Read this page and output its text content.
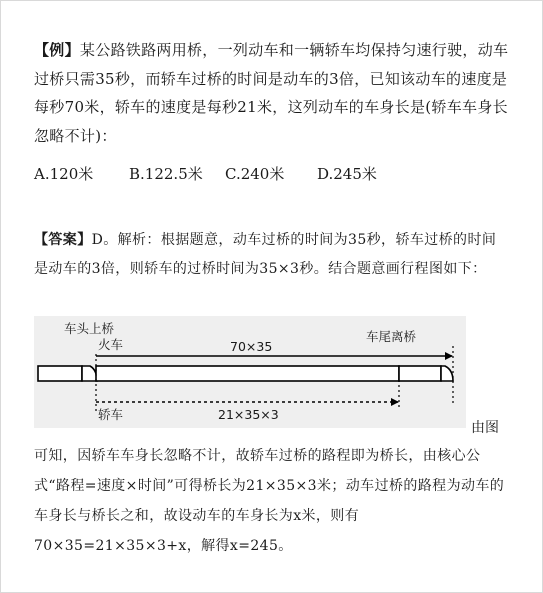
【例】某公路铁路两用桥，一列动车和一辆轿车均保持匀速行驶，动车过桥只需35秒，而轿车过桥的时间是动车的3倍，已知该动车的速度是每秒70米，轿车的速度是每秒21米，这列动车的车身长是(轿车车身长忽略不计)：
A.120米 B.122.5米 C.240米 D.245米
【答案】D。解析：根据题意，动车过桥的时间为35秒，轿车过桥的时间是动车的3倍，则轿车的过桥时间为35×3秒。结合题意画行程图如下：
车头上桥
火车	70×35
车尾离桥
轿车	21×35×3
由图

可知，因轿车车身长忽略不计，故轿车过桥的路程即为桥长，由核心公式“路程=速度×时间”可得桥长为21×35×3米；动车过桥的路程为动车的车身长与桥长之和，故设动车的车身长为x米，则有70×35=21×35×3+x，解得x=245。
